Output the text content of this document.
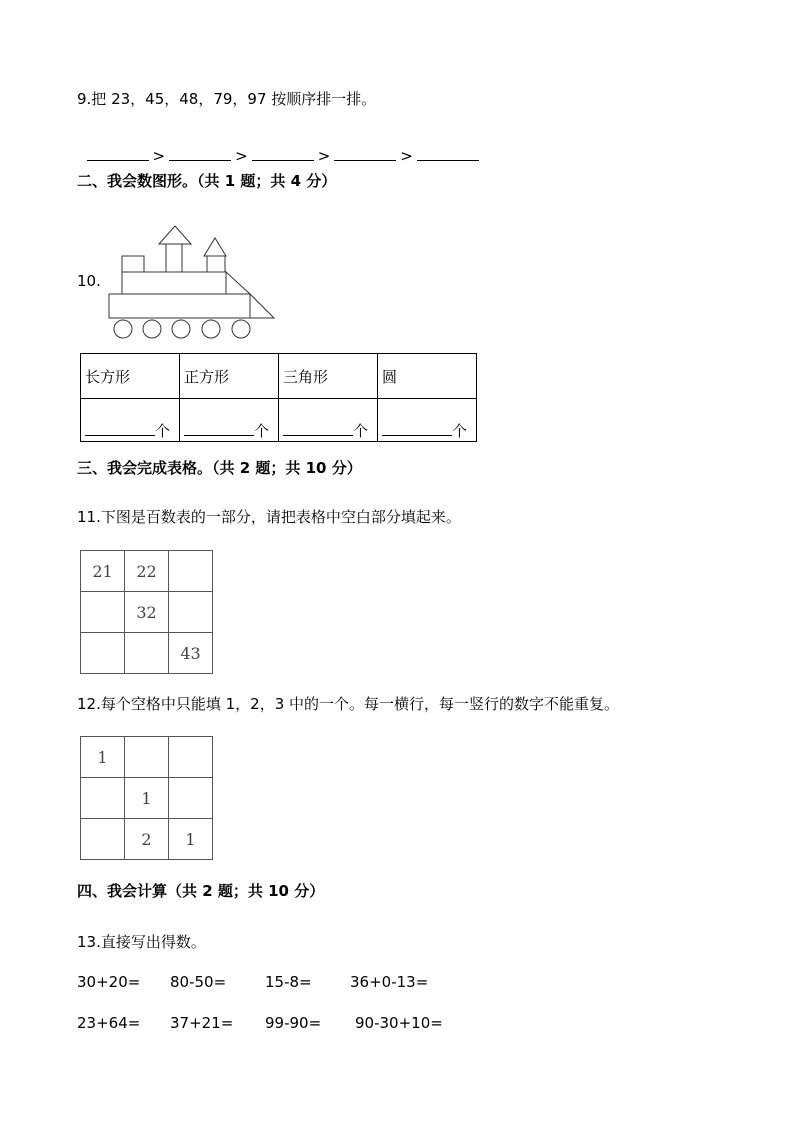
9.把 23，45，48，79，97 按顺序排一排。

>	>	>	>

二、我会数图形。（共 1 题；共 4 分）
10.
长方形	正方形	三角形	圆
个	个	个	个
三、我会完成表格。（共 2 题；共 10 分）
11.下图是百数表的一部分，请把表格中空白部分填起来。
21	22	
	32	
		43
12.每个空格中只能填 1，2，3 中的一个。每一横行，每一竖行的数字不能重复。
1		
	1	
	2	1
四、我会计算（共 2 题；共 10 分）
13.直接写出得数。
30+20= 80-50=	15-8=	36+0-13=
23+64= 37+21= 99-90= 90-30+10=
